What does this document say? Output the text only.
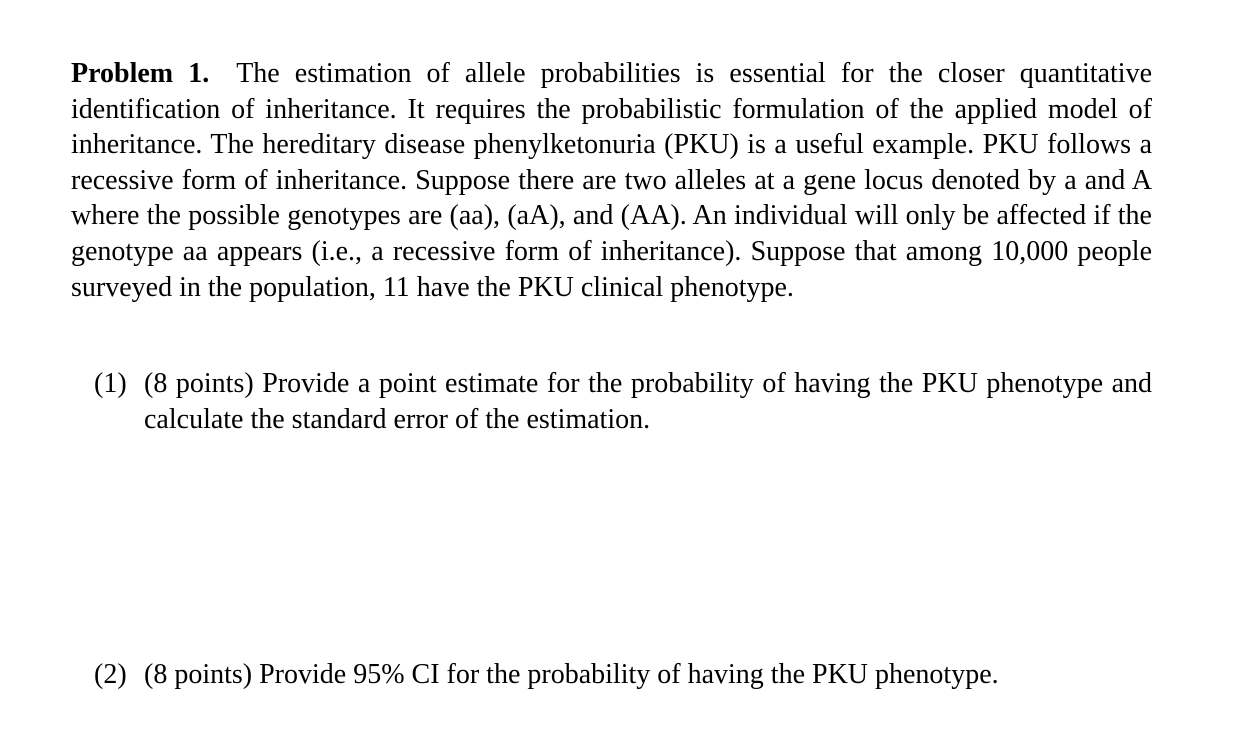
Problem 1. The estimation of allele probabilities is essential for the closer quantitative identification of inheritance. It requires the probabilistic formulation of the applied model of inheritance. The hereditary disease phenylketonuria (PKU) is a useful example. PKU follows a recessive form of inheritance. Suppose there are two alleles at a gene locus denoted by a and A where the possible genotypes are (aa), (aA), and (AA). An individual will only be affected if the genotype aa appears (i.e., a recessive form of inheritance). Suppose that among 10,000 people surveyed in the population, 11 have the PKU clinical phenotype.
(1) (8 points) Provide a point estimate for the probability of having the PKU phenotype and calculate the standard error of the estimation.
(2) (8 points) Provide 95% CI for the probability of having the PKU phenotype.
